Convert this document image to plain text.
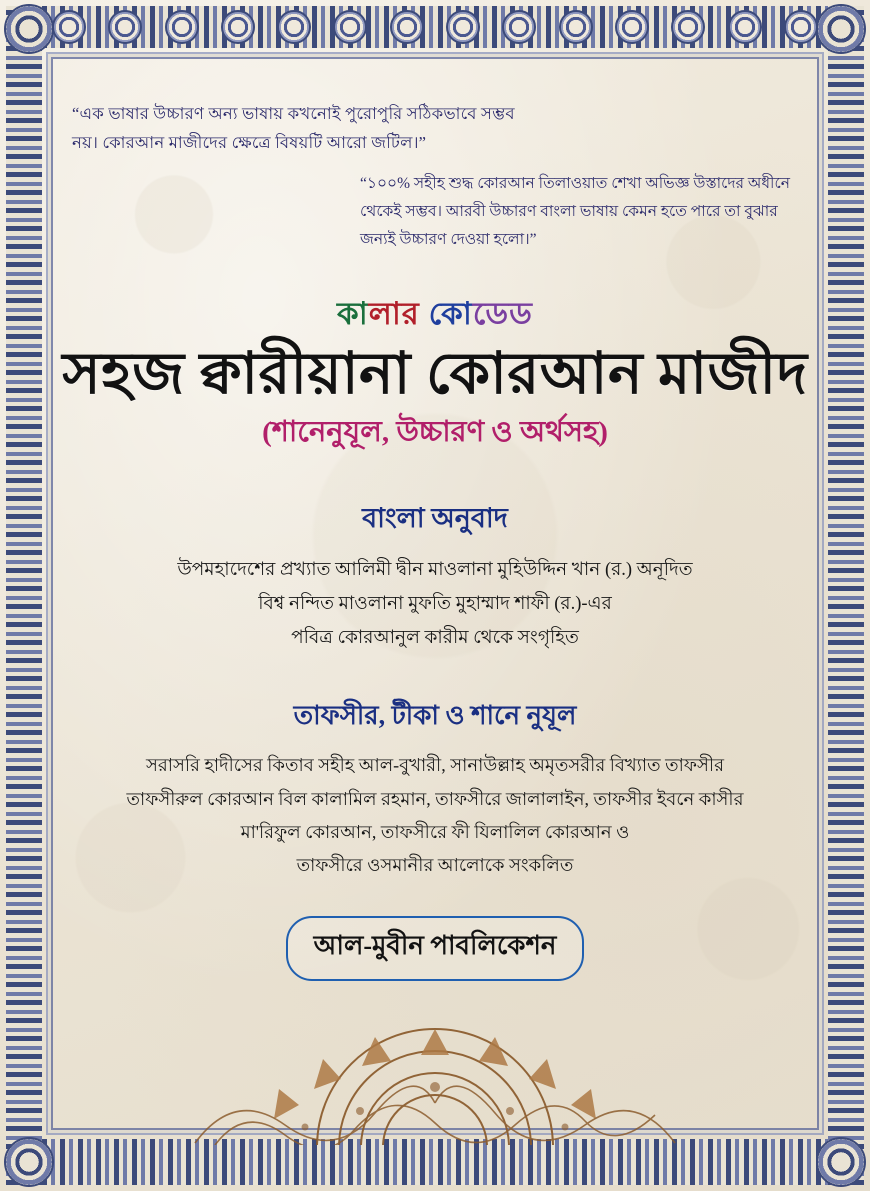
“এক ভাষার উচ্চারণ অন্য ভাষায় কখনোই পুরোপুরি সঠিকভাবে সম্ভব নয়। কোরআন মাজীদের ক্ষেত্রে বিষয়টি আরো জটিল।”
“১০০% সহীহ শুদ্ধ কোরআন তিলাওয়াত শেখা অভিজ্ঞ উস্তাদের অধীনে থেকেই সম্ভব। আরবী উচ্চারণ বাংলা ভাষায় কেমন হতে পারে তা বুঝার জন্যই উচ্চারণ দেওয়া হলো।”
কালার কোডেড
সহজ ক্বারীয়ানা কোরআন মাজীদ
(শানেনুযূল, উচ্চারণ ও অর্থসহ)
বাংলা অনুবাদ
উপমহাদেশের প্রখ্যাত আলিমী দ্বীন মাওলানা মুহিউদ্দিন খান (র.) অনূদিত
বিশ্ব নন্দিত মাওলানা মুফতি মুহাম্মাদ শাফী (র.)-এর
পবিত্র কোরআনুল কারীম থেকে সংগৃহিত
তাফসীর, টীকা ও শানে নুযূল
সরাসরি হাদীসের কিতাব সহীহ আল-বুখারী, সানাউল্লাহ অমৃতসরীর বিখ্যাত তাফসীর
তাফসীরুল কোরআন বিল কালামিল রহমান, তাফসীরে জালালাইন, তাফসীর ইবনে কাসীর
মা'রিফুল কোরআন, তাফসীরে ফী যিলালিল কোরআন ও
তাফসীরে ওসমানীর আলোকে সংকলিত
আল-মুবীন পাবলিকেশন
